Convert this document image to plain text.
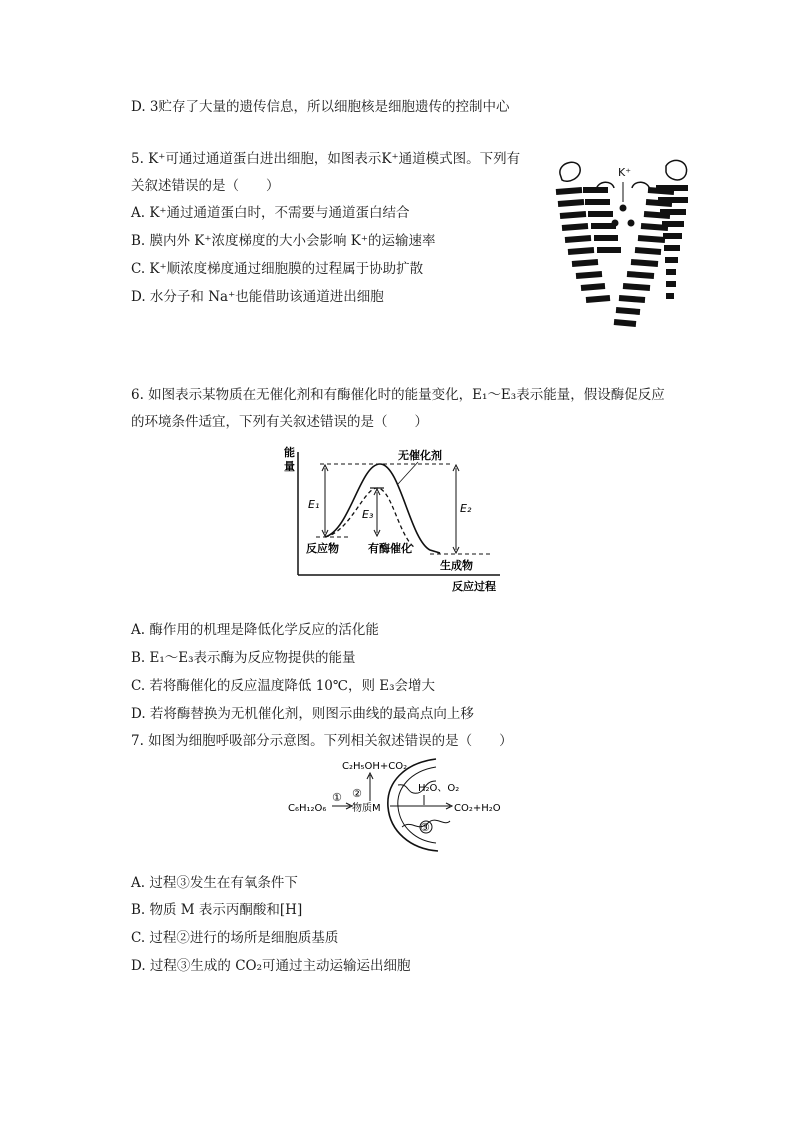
D. 3贮存了大量的遗传信息，所以细胞核是细胞遗传的控制中心
5. K⁺可通过通道蛋白进出细胞，如图表示K⁺通道模式图。下列有
关叙述错误的是（　　）
A. K⁺通过通道蛋白时，不需要与通道蛋白结合
B. 膜内外 K⁺浓度梯度的大小会影响 K⁺的运输速率
C. K⁺顺浓度梯度通过细胞膜的过程属于协助扩散
D. 水分子和 Na⁺也能借助该通道进出细胞
K⁺
6. 如图表示某物质在无催化剂和有酶催化时的能量变化，E₁～E₃表示能量，假设酶促反应
的环境条件适宜，下列有关叙述错误的是（　　）
能
量
反应过程
E₁	E₂
E₃
无催化剂
有酶催化
反应物
生成物
A. 酶作用的机理是降低化学反应的活化能
B. E₁～E₃表示酶为反应物提供的能量
C. 若将酶催化的反应温度降低 10℃，则 E₃会增大
D. 若将酶替换为无机催化剂，则图示曲线的最高点向上移
7. 如图为细胞呼吸部分示意图。下列相关叙述错误的是（　　）
C₂H₅OH+CO₂
②
C₆H₁₂O₆
①
物质M	CO₂+H₂O
H₂O、O₂
③
A. 过程③发生在有氧条件下
B. 物质 M 表示丙酮酸和[H]
C. 过程②进行的场所是细胞质基质
D. 过程③生成的 CO₂可通过主动运输运出细胞
